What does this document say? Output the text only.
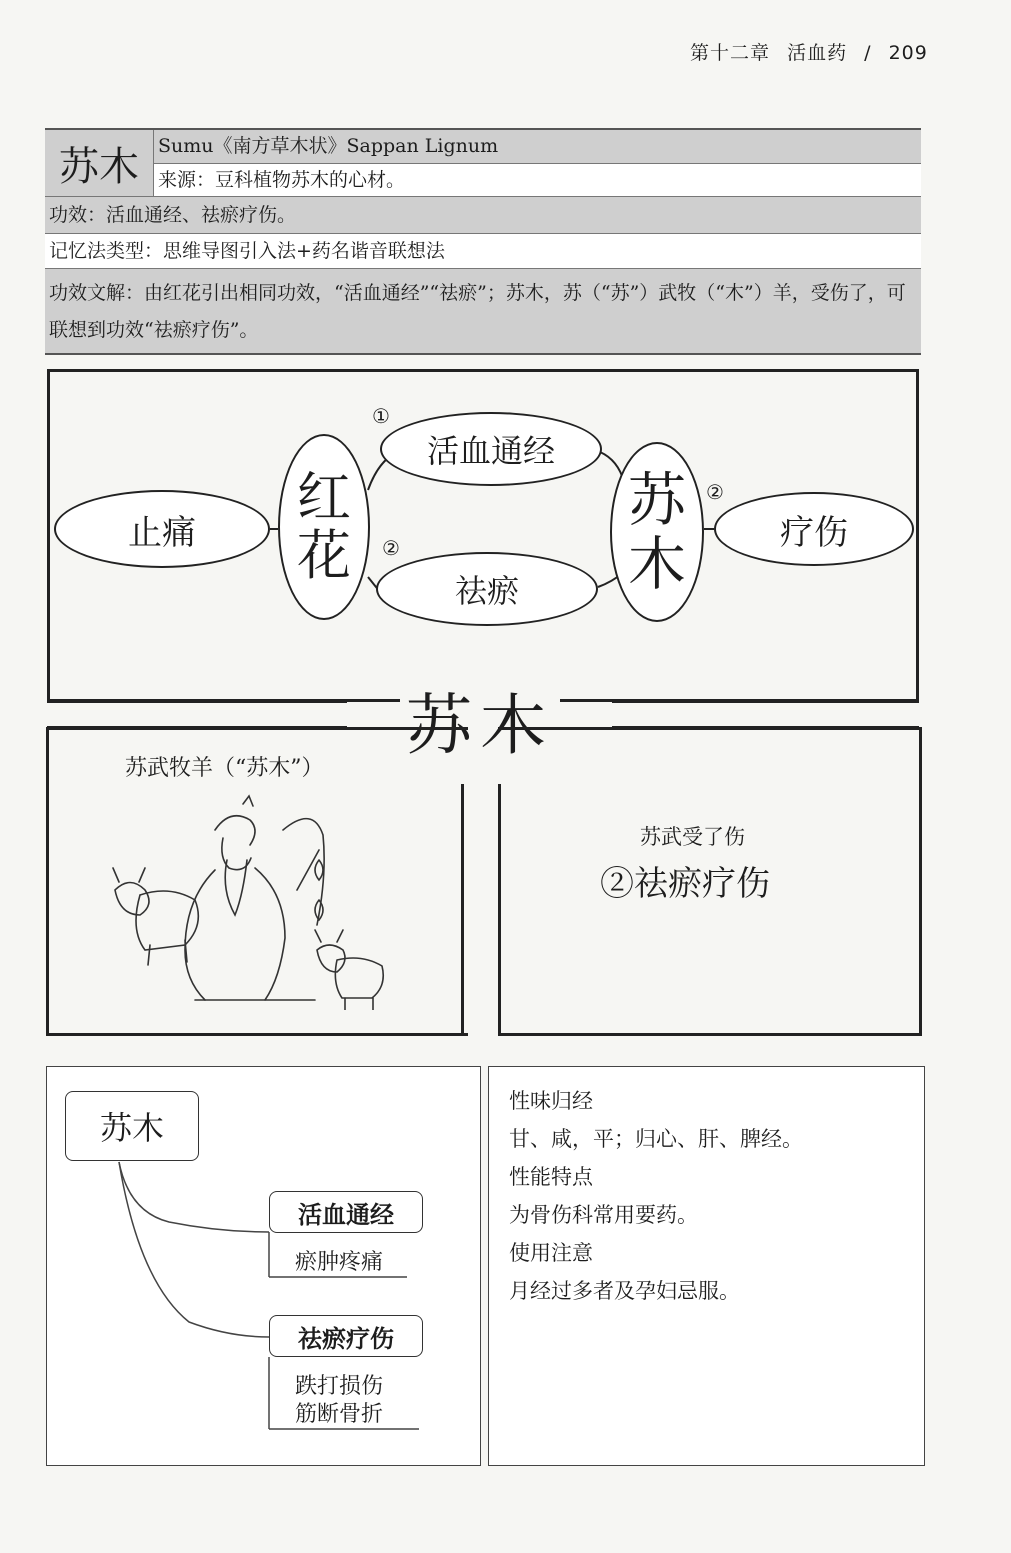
第十二章 活血药 / 209
苏木	Sumu《南方草木状》Sappan Lignum
来源：豆科植物苏木的心材。
功效：活血通经、祛瘀疗伤。
记忆法类型：思维导图引入法+药名谐音联想法
功效文解：由红花引出相同功效，“活血通经”“祛瘀”；苏木，苏（“苏”）武牧（“木”）羊，受伤了，可联想到功效“祛瘀疗伤”。
止痛
红花
活血通经
祛瘀
苏木	疗伤
①
②
②
苏木
苏武牧羊（“苏木”）
苏武受了伤
②祛瘀疗伤
苏木
活血通经
瘀肿疼痛
祛瘀疗伤
跌打损伤
筋断骨折
性味归经
甘、咸，平；归心、肝、脾经。
性能特点
为骨伤科常用要药。
使用注意
月经过多者及孕妇忌服。
